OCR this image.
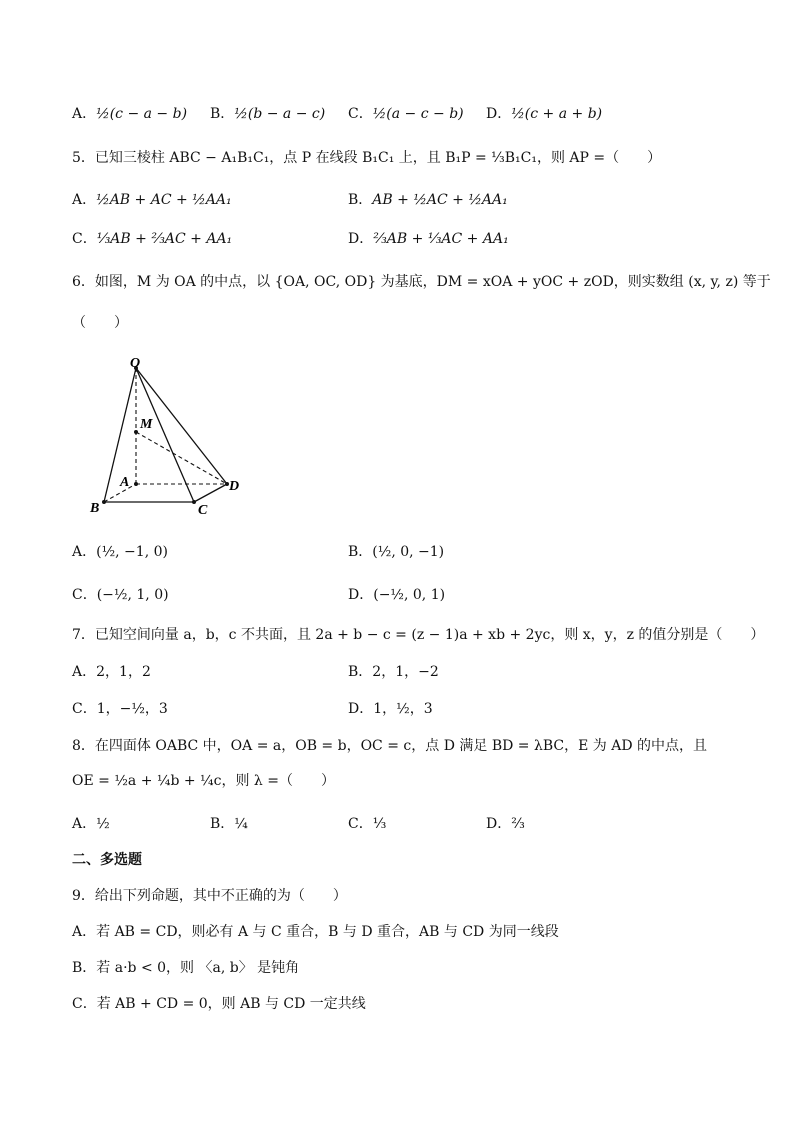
A．½(c − a − b) B．½(b − a − c) C．½(a − c − b) D．½(c + a + b)
5．已知三棱柱 ABC − A₁B₁C₁，点 P 在线段 B₁C₁ 上，且 B₁P = ⅓B₁C₁，则 AP =（　　）
A．½AB + AC + ½AA₁	B．AB + ½AC + ½AA₁
C．⅓AB + ⅔AC + AA₁	D．⅔AB + ⅓AC + AA₁
6．如图，M 为 OA 的中点，以 {OA, OC, OD} 为基底，DM = xOA + yOC + zOD，则实数组 (x, y, z) 等于
（　　）
O
M
A
B	C
D
A．(½, −1, 0)	B．(½, 0, −1)
C．(−½, 1, 0)	D．(−½, 0, 1)
7．已知空间向量 a，b，c 不共面，且 2a + b − c = (z − 1)a + xb + 2yc，则 x，y，z 的值分别是（　　）
A．2，1，2	B．2，1，−2
C．1，−½，3	D．1，½，3
8．在四面体 OABC 中，OA = a，OB = b，OC = c，点 D 满足 BD = λBC，E 为 AD 的中点，且
OE = ½a + ¼b + ¼c，则 λ =（　　）
A．½	B．¼	C．⅓	D．⅔
二、多选题
9．给出下列命题，其中不正确的为（　　）
A．若 AB = CD，则必有 A 与 C 重合，B 与 D 重合，AB 与 CD 为同一线段
B．若 a·b < 0，则 〈a, b〉 是钝角
C．若 AB + CD = 0，则 AB 与 CD 一定共线
